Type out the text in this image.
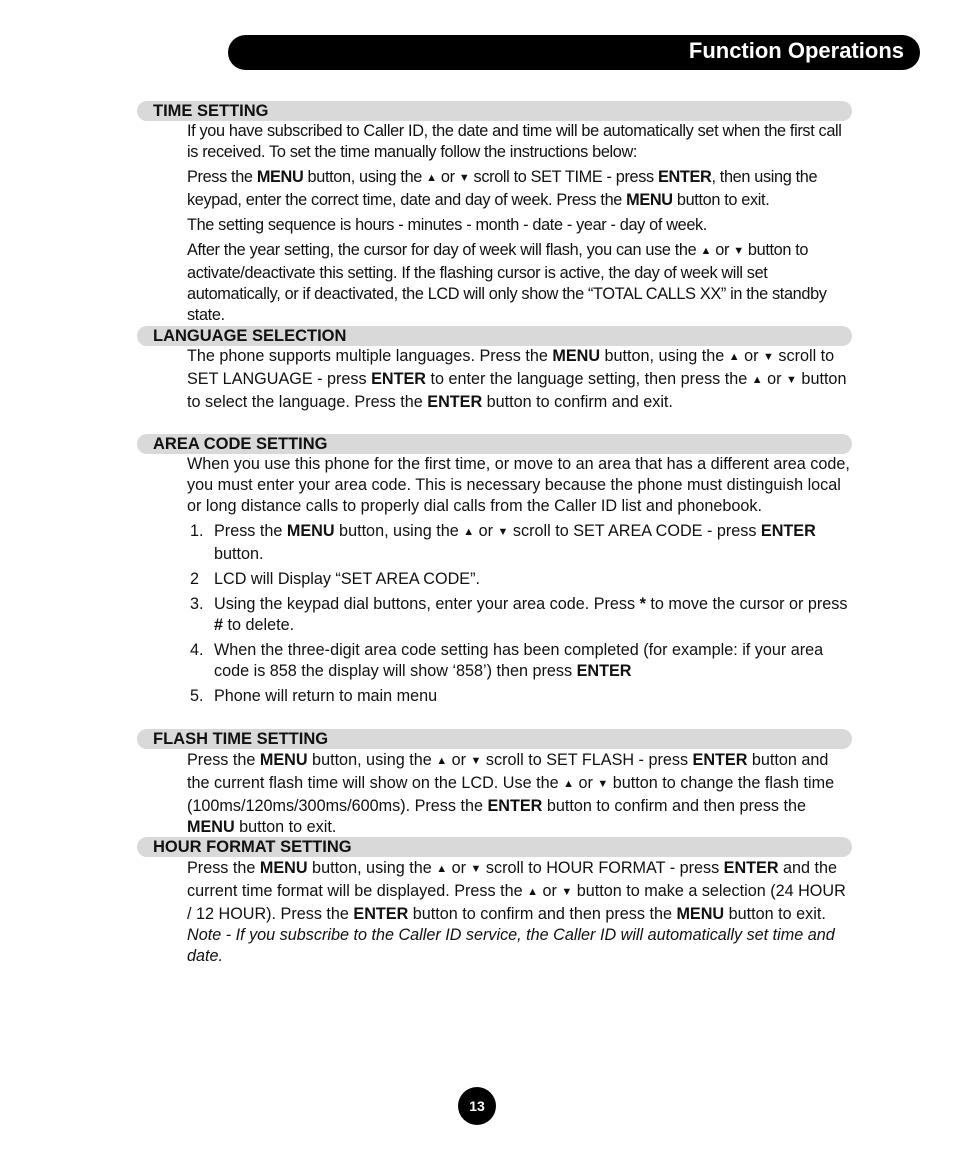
Function Operations
TIME SETTING

If you have subscribed to Caller ID, the date and time will be automatically set when the first call is received. To set the time manually follow the instructions below:

Press the MENU button, using the ▲ or ▼ scroll to SET TIME - press ENTER, then using the keypad, enter the correct time, date and day of week. Press the MENU button to exit.

The setting sequence is hours - minutes - month - date - year - day of week.

After the year setting, the cursor for day of week will flash, you can use the ▲ or ▼ button to activate/deactivate this setting. If the flashing cursor is active, the day of week will set automatically, or if deactivated, the LCD will only show the “TOTAL CALLS XX” in the standby state.

LANGUAGE SELECTION

The phone supports multiple languages. Press the MENU button, using the ▲ or ▼ scroll to SET LANGUAGE - press ENTER to enter the language setting, then press the ▲ or ▼ button to select the language. Press the ENTER button to confirm and exit.

AREA CODE SETTING

When you use this phone for the first time, or move to an area that has a different area code, you must enter your area code. This is necessary because the phone must distinguish local or long distance calls to properly dial calls from the Caller ID list and phonebook.

1. Press the MENU button, using the ▲ or ▼ scroll to SET AREA CODE - press ENTER button.
2 LCD will Display “SET AREA CODE”.
3. Using the keypad dial buttons, enter your area code. Press * to move the cursor or press # to delete.
4. When the three-digit area code setting has been completed (for example: if your area code is 858 the display will show ‘858’) then press ENTER
5. Phone will return to main menu
FLASH TIME SETTING

Press the MENU button, using the ▲ or ▼ scroll to SET FLASH - press ENTER button and the current flash time will show on the LCD. Use the ▲ or ▼ button to change the flash time (100ms/120ms/300ms/600ms). Press the ENTER button to confirm and then press the MENU button to exit.

HOUR FORMAT SETTING

Press the MENU button, using the ▲ or ▼ scroll to HOUR FORMAT - press ENTER and the current time format will be displayed. Press the ▲ or ▼ button to make a selection (24 HOUR / 12 HOUR). Press the ENTER button to confirm and then press the MENU button to exit. Note - If you subscribe to the Caller ID service, the Caller ID will automatically set time and date.

13
